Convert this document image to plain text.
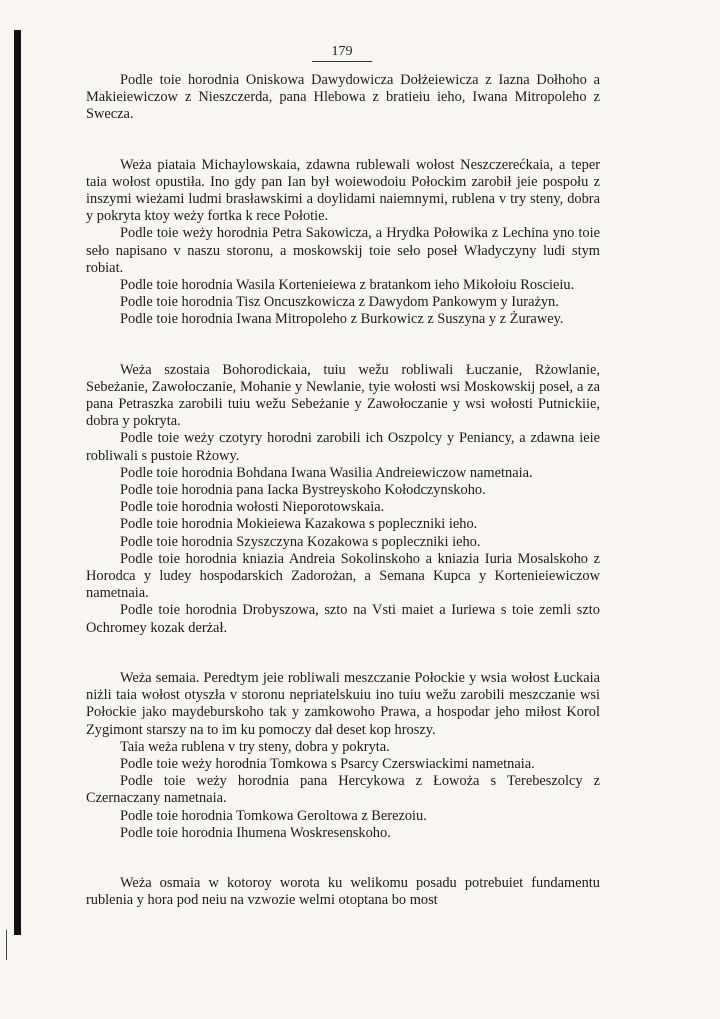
179

Podle toie horodnia Oniskowa Dawydowicza Dołżeiewicza z Iazna Dołhoho a Makieiewiczow z Nieszczerda, pana Hlebowa z bratieiu ieho, Iwana Mitropoleho z Swecza.

Weża piataia Michaylowskaia, zdawna rublewali wołost Neszczerećkaia, a teper taia wołost opustiła. Ino gdy pan Ian był woiewodoiu Połockim zarobił jeie pospołu z inszymi wieżami ludmi brasławskimi a doylidami naiemnymi, rublena v try steny, dobra y pokryta ktoy weży fortka k rece Połotie.

Podle toie weży horodnia Petra Sakowicza, a Hrydka Połowika z Lechina yno toie seło napisano v naszu storonu, a moskowskij toie seło poseł Władyczyny ludi stym robiat.

Podle toie horodnia Wasila Kortenieiewa z bratankom ieho Mikołoiu Roscieiu.

Podle toie horodnia Tisz Oncuszkowicza z Dawydom Pankowym y Iurażyn.

Podle toie horodnia Iwana Mitropoleho z Burkowicz z Suszyna y z Żurawey.

Weża szostaia Bohorodickaia, tuiu wežu robliwali Łuczanie, Rżowlanie, Sebeżanie, Zawołoczanie, Mohanie y Newlanie, tyie wołosti wsi Moskowskij poseł, a za pana Petraszka zarobili tuiu wežu Sebeżanie y Zawołoczanie y wsi wołosti Putnickiie, dobra y pokryta.

Podle toie weży czotyry horodni zarobili ich Oszpolcy y Peniancy, a zdawna ieie robliwali s pustoie Rżowy.

Podle toie horodnia Bohdana Iwana Wasilia Andreiewiczow nametnaia.

Podle toie horodnia pana Iacka Bystreyskoho Kołodczynskoho.

Podle toie horodnia wołosti Nieporotowskaia.

Podle toie horodnia Mokieiewa Kazakowa s popleczniki ieho.

Podle toie horodnia Szyszczyna Kozakowa s popleczniki ieho.

Podle toie horodnia kniazia Andreia Sokolinskoho a kniazia Iuria Mosalskoho z Horodca y ludey hospodarskich Zadorożan, a Semana Kupca y Kortenieiewiczow nametnaia.

Podle toie horodnia Drobyszowa, szto na Vsti maiet a Iuriewa s toie zemli szto Ochromey kozak derżał.

Weża semaia. Peredtym jeie robliwali meszczanie Połockie y wsia wołost Łuckaia niżli taia wołost otyszła v storonu nepriatelskuiu ino tuiu wežu zarobili meszczanie wsi Połockie jako maydeburskoho tak y zamkowoho Prawa, a hospodar jeho miłost Korol Zygimont starszy na to im ku pomoczy dał deset kop hroszy.

Taia weża rublena v try steny, dobra y pokryta.

Podle toie weży horodnia Tomkowa s Psarcy Czerswiackimi nametnaia.

Podle toie weży horodnia pana Hercykowa z Łowoża s Terebeszolcy z Czernaczany nametnaia.

Podle toie horodnia Tomkowa Geroltowa z Berezoiu.

Podle toie horodnia Ihumena Woskresenskoho.

Weża osmaia w kotoroy worota ku welikomu posadu potrebuiet fundamentu rublenia y hora pod neiu na vzwozie welmi otoptana bo most
